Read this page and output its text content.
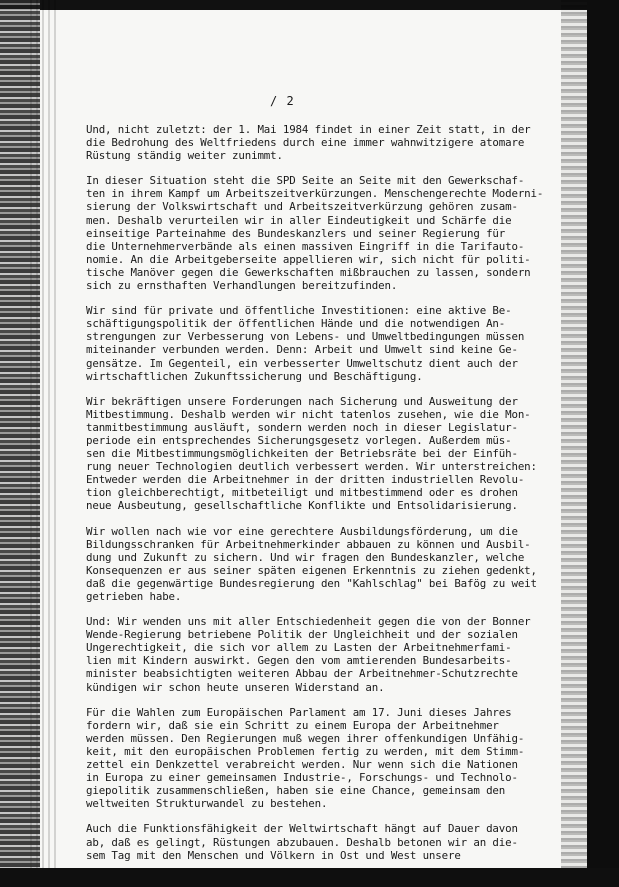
/ 2

Und, nicht zuletzt: der 1. Mai 1984 findet in einer Zeit statt, in der
die Bedrohung des Weltfriedens durch eine immer wahnwitzigere atomare
Rüstung ständig weiter zunimmt.

In dieser Situation steht die SPD Seite an Seite mit den Gewerkschaf-
ten in ihrem Kampf um Arbeitszeitverkürzungen. Menschengerechte Moderni-
sierung der Volkswirtschaft und Arbeitszeitverkürzung gehören zusam-
men. Deshalb verurteilen wir in aller Eindeutigkeit und Schärfe die
einseitige Parteinahme des Bundeskanzlers und seiner Regierung für
die Unternehmerverbände als einen massiven Eingriff in die Tarifauto-
nomie. An die Arbeitgeberseite appellieren wir, sich nicht für politi-
tische Manöver gegen die Gewerkschaften mißbrauchen zu lassen, sondern
sich zu ernsthaften Verhandlungen bereitzufinden.

Wir sind für private und öffentliche Investitionen: eine aktive Be-
schäftigungspolitik der öffentlichen Hände und die notwendigen An-
strengungen zur Verbesserung von Lebens- und Umweltbedingungen müssen
miteinander verbunden werden. Denn: Arbeit und Umwelt sind keine Ge-
gensätze. Im Gegenteil, ein verbesserter Umweltschutz dient auch der
wirtschaftlichen Zukunftssicherung und Beschäftigung.

Wir bekräftigen unsere Forderungen nach Sicherung und Ausweitung der
Mitbestimmung. Deshalb werden wir nicht tatenlos zusehen, wie die Mon-
tanmitbestimmung ausläuft, sondern werden noch in dieser Legislatur-
periode ein entsprechendes Sicherungsgesetz vorlegen. Außerdem müs-
sen die Mitbestimmungsmöglichkeiten der Betriebsräte bei der Einfüh-
rung neuer Technologien deutlich verbessert werden. Wir unterstreichen:
Entweder werden die Arbeitnehmer in der dritten industriellen Revolu-
tion gleichberechtigt, mitbeteiligt und mitbestimmend oder es drohen
neue Ausbeutung, gesellschaftliche Konflikte und Entsolidarisierung.

Wir wollen nach wie vor eine gerechtere Ausbildungsförderung, um die
Bildungsschranken für Arbeitnehmerkinder abbauen zu können und Ausbil-
dung und Zukunft zu sichern. Und wir fragen den Bundeskanzler, welche
Konsequenzen er aus seiner späten eigenen Erkenntnis zu ziehen gedenkt,
daß die gegenwärtige Bundesregierung den "Kahlschlag" bei Bafög zu weit
getrieben habe.

Und: Wir wenden uns mit aller Entschiedenheit gegen die von der Bonner
Wende-Regierung betriebene Politik der Ungleichheit und der sozialen
Ungerechtigkeit, die sich vor allem zu Lasten der Arbeitnehmerfami-
lien mit Kindern auswirkt. Gegen den vom amtierenden Bundesarbeits-
minister beabsichtigten weiteren Abbau der Arbeitnehmer-Schutzrechte
kündigen wir schon heute unseren Widerstand an.

Für die Wahlen zum Europäischen Parlament am 17. Juni dieses Jahres
fordern wir, daß sie ein Schritt zu einem Europa der Arbeitnehmer
werden müssen. Den Regierungen muß wegen ihrer offenkundigen Unfähig-
keit, mit den europäischen Problemen fertig zu werden, mit dem Stimm-
zettel ein Denkzettel verabreicht werden. Nur wenn sich die Nationen
in Europa zu einer gemeinsamen Industrie-, Forschungs- und Technolo-
giepolitik zusammenschließen, haben sie eine Chance, gemeinsam den
weltweiten Strukturwandel zu bestehen.

Auch die Funktionsfähigkeit der Weltwirtschaft hängt auf Dauer davon
ab, daß es gelingt, Rüstungen abzubauen. Deshalb betonen wir an die-
sem Tag mit den Menschen und Völkern in Ost und West unsere
